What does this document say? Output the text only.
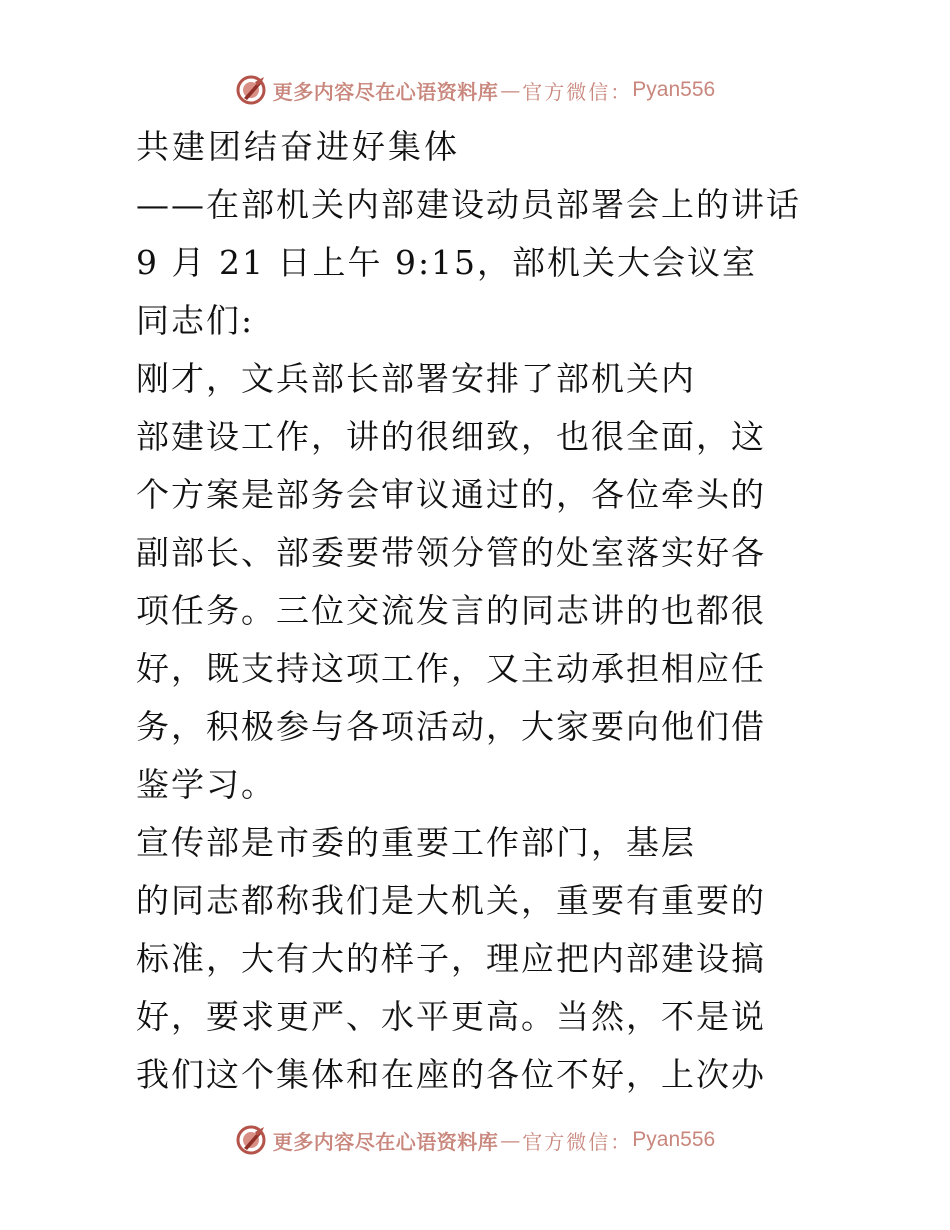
更多内容尽在心语资料库 — 官方微信： Pyan556
共建团结奋进好集体
——在部机关内部建设动员部署会上的讲话
9 月 21 日上午 9:15，部机关大会议室
同志们:
刚才，文兵部长部署安排了部机关内
部建设工作，讲的很细致，也很全面，这
个方案是部务会审议通过的，各位牵头的
副部长、部委要带领分管的处室落实好各
项任务。三位交流发言的同志讲的也都很
好，既支持这项工作，又主动承担相应任
务，积极参与各项活动，大家要向他们借
鉴学习。
宣传部是市委的重要工作部门，基层
的同志都称我们是大机关，重要有重要的
标准，大有大的样子，理应把内部建设搞
好，要求更严、水平更高。当然，不是说
我们这个集体和在座的各位不好，上次办
更多内容尽在心语资料库 — 官方微信： Pyan556
